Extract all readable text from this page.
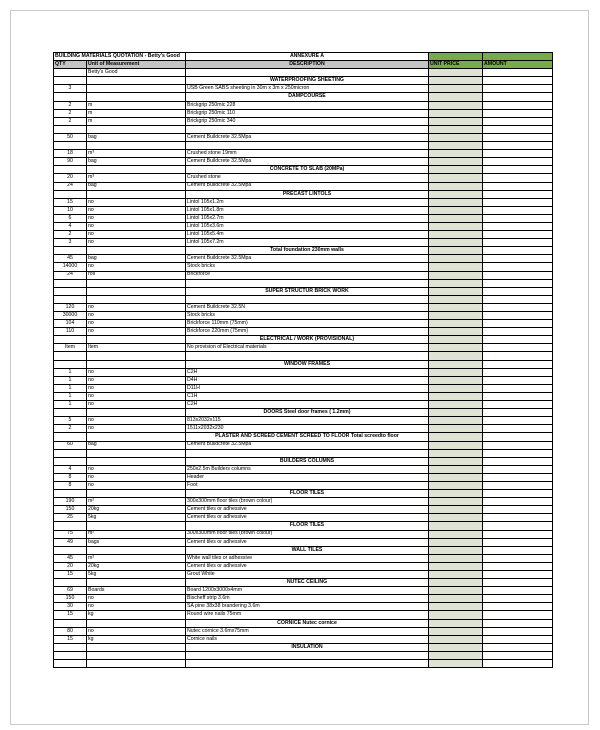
BUILDING MATERIALS QUOTATION - Betty's Good		ANNEXURE A		
QTY	Unit of Measurement	DESCRIPTION	UNIT PRICE	AMOUNT
	Betty's Good			
		WATERPROOFING SHEETING		
3		USB Green SABS sheeting in 30m x 3m x 250micron		
		DAMPCOURSE		
2	m	Brickgrip 250mic 228		
2	m	Brickgrip 250mic 110		
2	m	Brickgrip 250mic 340		

50	bag	Cement Buildcrete 32.5Mpa		

18	m³	Crushed stone 19mm		
90	bag	Cement Buildcrete 32.5Mpa		
		CONCRETE TO SLAB (20MPa)		
20	m³	Crushed stone		
24	bag	Cement Buildcrete 32.5Mpa		
		PRECAST LINTOLS		
15	no	Lintol 105x1.2m		
10	no	Lintol 105x1.8m		
6	no	Lintol 105x2.7m		
4	no	Lintol 105x3.6m		
2	no	Lintol 105x5.4m		
3	no	Lintol 105x7.2m		
		Total foundation 230mm walls		
45	bag	Cement Buildcrete 32.5Mpa		
14000	no	Stock bricks		
24	roll	Brickforce		

		SUPER STRUCTUR BRICK WORK		

120	no	Cement Buildcrete 32.5N		
30000	no	Stock bricks		
104	no	Brickforce 110mm (75mm)		
110	no	Brickforce 220mm (75mm)		
		ELECTRICAL / WORK (PROVISIONAL)		
Item	Item	No provision of Electrical materials		

		WINDOW FRAMES		
1	no	C2H		
1	no	D4H		
1	no	D11H		
1	no	C1H		
1	no	C2H		
		DOORS Steel door frames ( 1.2mm)		
5	no	813x2032x115		
2	no	1511x2032x230		
		PLASTER AND SCREED CEMENT SCREED TO FLOOR Total screedto floor		
60	bag	Cement Buildcrete 32.5Mpa		

		BUILDERS COLUMNS		
4	no	250x2.5m Builders columns		
8	no	Header		
8	no	Foot		
		FLOOR TILES		
190	m²	300x300mm floor tiles (brown colour)		
150	20kg	Cement tiles or adhessive		
25	5kg	Cement tiles or adhessive		
		FLOOR TILES		
75	m²	300x300mm floor tiles (brown colour)		
49	bags	Cement tiles or adhessive		
		WALL TILES		
45	m²	White wall tiles or adhessive		
20	20kg	Cement tiles or adhessive		
15	5kg	Grout White		
		NUTEC CEILING		
69	Boards	Board 1200x3000x4mm		
150	no	Bischeff strip 3.6m		
30	no	SA pine 38x38 brandering 3.6m		
15	kg	Round wire nails 75mm		
		CORNICE Nutec cornice		
80	no	Nutec cornice 3.6mx75mm		
15	kg	Cornice nails		
		INSULATION		
